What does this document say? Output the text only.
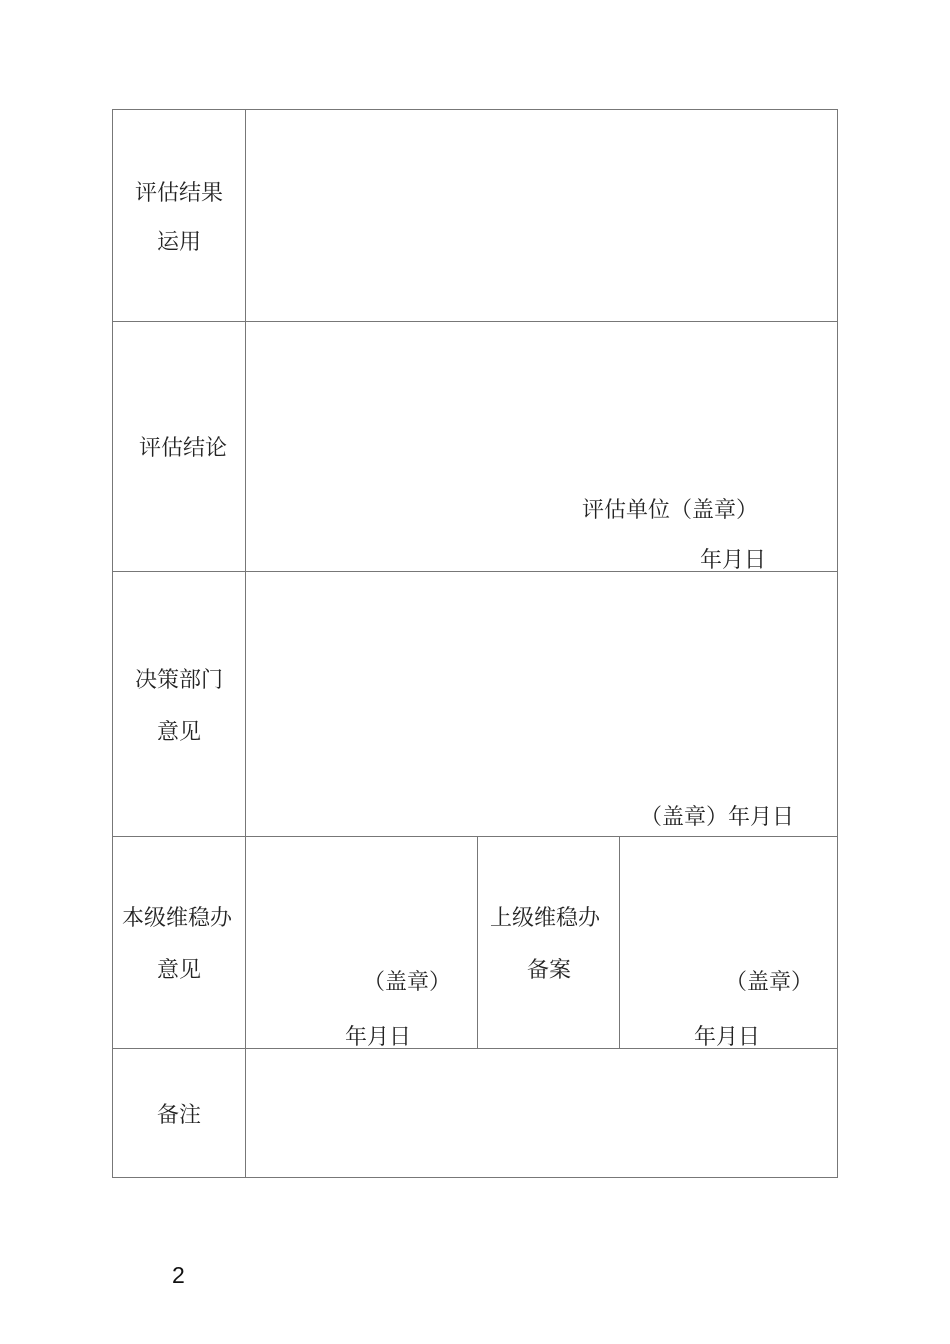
评估结果
运用
评估结论
评估单位（盖章）
年月日
决策部门
意见
（盖章）年月日
本级维稳办
意见	（盖章）
年月日
上级维稳办
备案	（盖章）
年月日
备注
2
